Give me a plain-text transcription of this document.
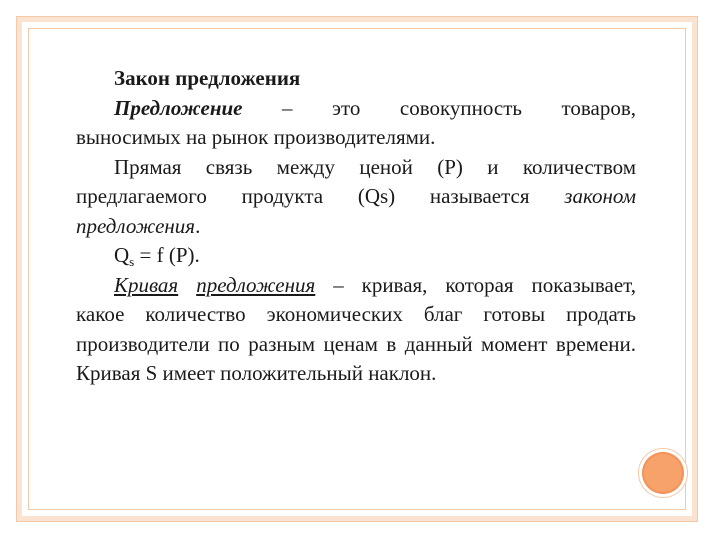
Закон предложения

Предложение – это совокупность товаров,

выносимых на рынок производителями.

Прямая связь между ценой (P) и количеством предлагаемого продукта (Qs) называется законом предложения.

$Q_s = f$ (P).

Кривая предложения – кривая, которая показывает, какое количество экономических благ готовы продать производители по разным ценам в данный момент времени. Кривая S имеет положительный наклон.
